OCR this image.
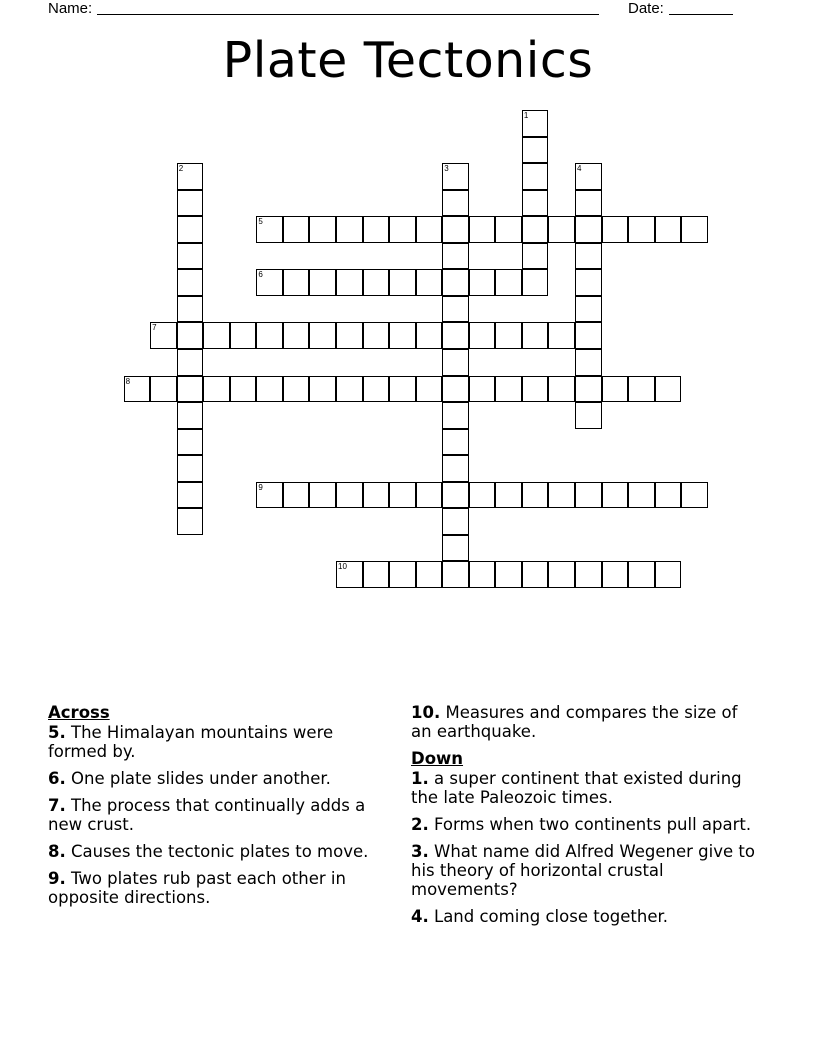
Name:	Date:
Plate Tectonics
1
2	3	4
5
6
7
8
9
10
Across
5. The Himalayan mountains were formed by.
6. One plate slides under another.
7. The process that continually adds a new crust.
8. Causes the tectonic plates to move.
9. Two plates rub past each other in opposite directions.
10. Measures and compares the size of an earthquake.
Down
1. a super continent that existed during the late Paleozoic times.
2. Forms when two continents pull apart.
3. What name did Alfred Wegener give to his theory of horizontal crustal movements?
4. Land coming close together.
